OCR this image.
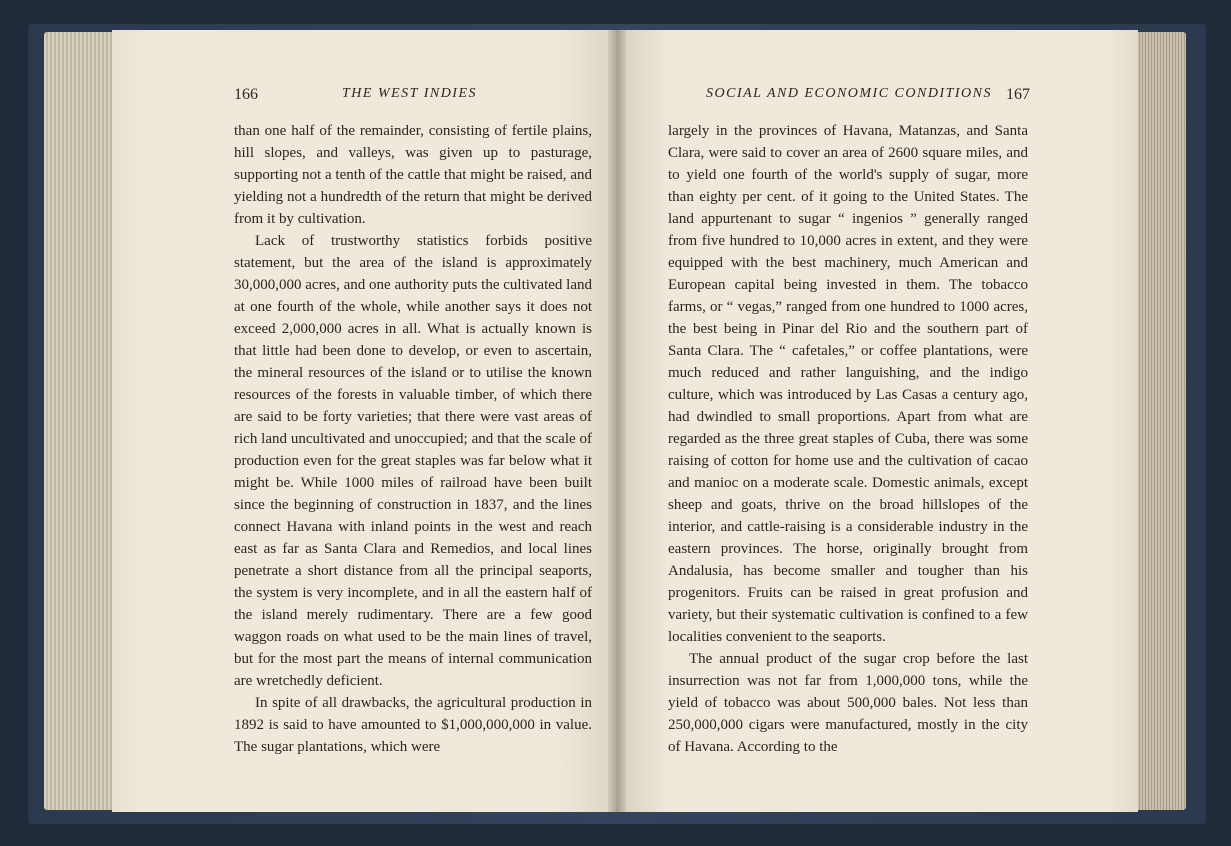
166	THE WEST INDIES

than one half of the remainder, consisting of fertile plains, hill slopes, and valleys, was given up to pasturage, supporting not a tenth of the cattle that might be raised, and yielding not a hundredth of the return that might be derived from it by cultivation.

Lack of trustworthy statistics forbids positive statement, but the area of the island is approximately 30,000,000 acres, and one authority puts the cultivated land at one fourth of the whole, while another says it does not exceed 2,000,000 acres in all. What is actually known is that little had been done to develop, or even to ascertain, the mineral resources of the island or to utilise the known resources of the forests in valuable timber, of which there are said to be forty varieties; that there were vast areas of rich land uncultivated and unoccupied; and that the scale of production even for the great staples was far below what it might be. While 1000 miles of railroad have been built since the beginning of construction in 1837, and the lines connect Havana with inland points in the west and reach east as far as Santa Clara and Remedios, and local lines penetrate a short distance from all the principal seaports, the system is very incomplete, and in all the eastern half of the island merely rudimentary. There are a few good waggon roads on what used to be the main lines of travel, but for the most part the means of internal communication are wretchedly deficient.

In spite of all drawbacks, the agricultural production in 1892 is said to have amounted to $1,000,000,000 in value. The sugar plantations, which were

SOCIAL AND ECONOMIC CONDITIONS 167

largely in the provinces of Havana, Matanzas, and Santa Clara, were said to cover an area of 2600 square miles, and to yield one fourth of the world's supply of sugar, more than eighty per cent. of it going to the United States. The land appurtenant to sugar “ ingenios ” generally ranged from five hundred to 10,000 acres in extent, and they were equipped with the best machinery, much American and European capital being invested in them. The tobacco farms, or “ vegas,” ranged from one hundred to 1000 acres, the best being in Pinar del Rio and the southern part of Santa Clara. The “ cafetales,” or coffee plantations, were much reduced and rather languishing, and the indigo culture, which was introduced by Las Casas a century ago, had dwindled to small proportions. Apart from what are regarded as the three great staples of Cuba, there was some raising of cotton for home use and the cultivation of cacao and manioc on a moderate scale. Domestic animals, except sheep and goats, thrive on the broad hillslopes of the interior, and cattle-raising is a considerable industry in the eastern provinces. The horse, originally brought from Andalusia, has become smaller and tougher than his progenitors. Fruits can be raised in great profusion and variety, but their systematic cultivation is confined to a few localities convenient to the seaports.

The annual product of the sugar crop before the last insurrection was not far from 1,000,000 tons, while the yield of tobacco was about 500,000 bales. Not less than 250,000,000 cigars were manufactured, mostly in the city of Havana. According to the
